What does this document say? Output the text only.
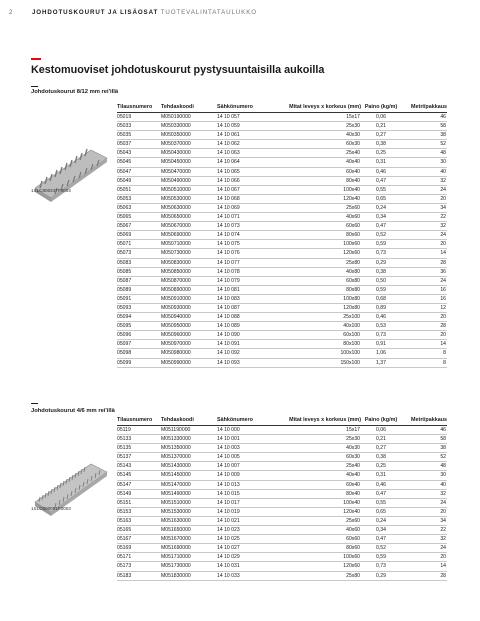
2	JOHDOTUSKOURUT JA LISÄOSAT TUOTEVALINTATAULUKKO
Kestomuoviset johdotuskourut pystysuuntaisilla aukoilla
Johdotuskourut 8/12 mm rei'illä
1SLC800247F0003
Tilausnumero	Tehdaskoodi	Sähkönumero	Mitat leveys x korkeus (mm)	Paino (kg/m)	Metri/pakkaus
05019	M050190000	14 10 057	15x17	0,06	46
05033	M050330000	14 10 059	25x30	0,21	58
05035	M050350000	14 10 061	40x30	0,27	38
05037	M050370000	14 10 062	60x30	0,38	52
05043	M050430000	14 10 063	25x40	0,25	48
05045	M050450000	14 10 064	40x40	0,31	30
05047	M050470000	14 10 065	60x40	0,46	40
05049	M050490000	14 10 066	80x40	0,47	32
05051	M050510000	14 10 067	100x40	0,55	24
05053	M050530000	14 10 068	120x40	0,65	20
05063	M050630000	14 10 069	25x60	0,24	34
05065	M050650000	14 10 071	40x60	0,34	22
05067	M050670000	14 10 073	60x60	0,47	32
05069	M050690000	14 10 074	80x60	0,52	24
05071	M050710000	14 10 075	100x60	0,59	20
05073	M050730000	14 10 076	120x60	0,73	14
05083	M050830000	14 10 077	25x80	0,29	28
05085	M050850000	14 10 078	40x80	0,38	36
05087	M050870000	14 10 079	60x80	0,50	24
05089	M050890000	14 10 081	80x80	0,59	16
05091	M050910000	14 10 083	100x80	0,68	16
05093	M050930000	14 10 087	120x80	0,89	12
05094	M050940000	14 10 088	25x100	0,46	20
05095	M050950000	14 10 089	40x100	0,53	28
05096	M050960000	14 10 090	60x100	0,73	20
05097	M050970000	14 10 091	80x100	0,91	14
05098	M050980000	14 10 092	100x100	1,06	8
05099	M050990000	14 10 093	150x100	1,37	8
Johdotuskourut 4/6 mm rei'illä
1SLC800091F0003
Tilausnumero	Tehdaskoodi	Sähkönumero	Mitat leveys x korkeus (mm)	Paino (kg/m)	Metri/pakkaus
05119	M051190000	14 10 000	15x17	0,06	46
05133	M051330000	14 10 001	25x30	0,21	58
05135	M051350000	14 10 003	40x30	0,27	38
05137	M051370000	14 10 005	60x30	0,38	52
05143	M051430000	14 10 007	25x40	0,25	48
05145	M051450000	14 10 009	40x40	0,31	30
05147	M051470000	14 10 013	60x40	0,46	40
05149	M051490000	14 10 015	80x40	0,47	32
05151	M051510000	14 10 017	100x40	0,55	24
05153	M051530000	14 10 019	120x40	0,65	20
05163	M051630000	14 10 021	25x60	0,24	34
05165	M051650000	14 10 023	40x60	0,34	22
05167	M051670000	14 10 025	60x60	0,47	32
05169	M051690000	14 10 027	80x60	0,52	24
05171	M051710000	14 10 029	100x60	0,59	20
05173	M051730000	14 10 031	120x60	0,73	14
05183	M051830000	14 10 033	25x80	0,29	28
